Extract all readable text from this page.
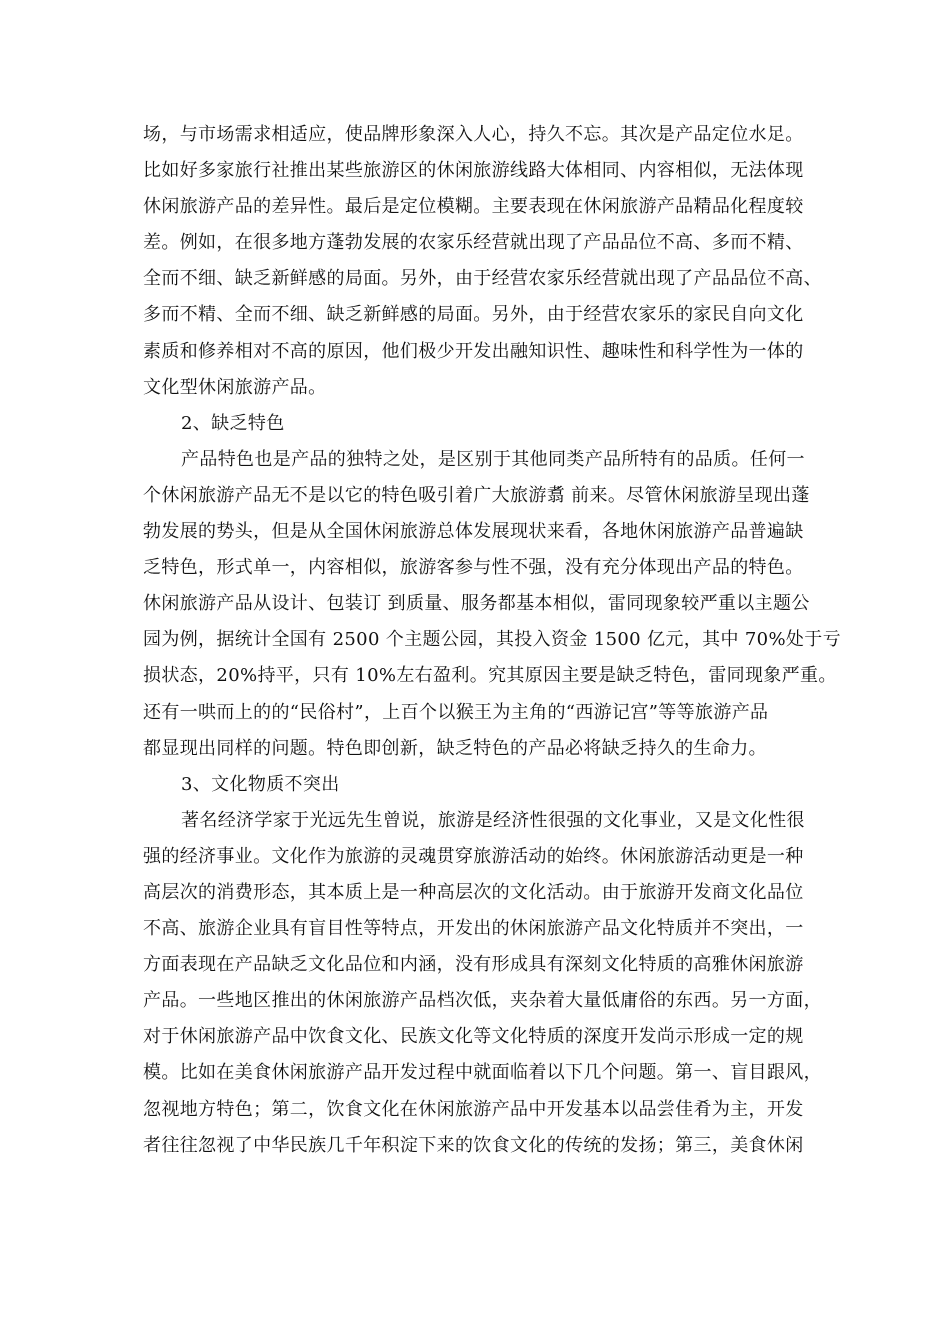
场，与市场需求相适应，使品牌形象深入人心，持久不忘。其次是产品定位水足。
比如好多家旅行社推出某些旅游区的休闲旅游线路大体相同、内容相似，无法体现
休闲旅游产品的差异性。最后是定位模糊。主要表现在休闲旅游产品精品化程度较
差。例如，在很多地方蓬勃发展的农家乐经营就出现了产品品位不高、多而不精、
全而不细、缺乏新鲜感的局面。另外，由于经营农家乐经营就出现了产品品位不高、
多而不精、全而不细、缺乏新鲜感的局面。另外，由于经营农家乐的家民自向文化
素质和修养相对不高的原因，他们极少开发出融知识性、趣味性和科学性为一体的
文化型休闲旅游产品。
2、缺乏特色
产品特色也是产品的独特之处，是区别于其他同类产品所特有的品质。任何一
个休闲旅游产品无不是以它的特色吸引着广大旅游翥 前来。尽管休闲旅游呈现出蓬
勃发展的势头，但是从全国休闲旅游总体发展现状来看，各地休闲旅游产品普遍缺
乏特色，形式单一，内容相似，旅游客参与性不强，没有充分体现出产品的特色。
休闲旅游产品从设计、包装订 到质量、服务都基本相似，雷同现象较严重以主题公
园为例，据统计全国有 2500 个主题公园，其投入资金 1500 亿元，其中 70%处于亏
损状态，20%持平，只有 10%左右盈利。究其原因主要是缺乏特色，雷同现象严重。
还有一哄而上的的“民俗村”，上百个以猴王为主角的“西游记宫”等等旅游产品
都显现出同样的问题。特色即创新，缺乏特色的产品必将缺乏持久的生命力。
3、文化物质不突出
著名经济学家于光远先生曾说，旅游是经济性很强的文化事业，又是文化性很
强的经济事业。文化作为旅游的灵魂贯穿旅游活动的始终。休闲旅游活动更是一种
高层次的消费形态，其本质上是一种高层次的文化活动。由于旅游开发商文化品位
不高、旅游企业具有盲目性等特点，开发出的休闲旅游产品文化特质并不突出，一
方面表现在产品缺乏文化品位和内涵，没有形成具有深刻文化特质的高雅休闲旅游
产品。一些地区推出的休闲旅游产品档次低，夹杂着大量低庸俗的东西。另一方面，
对于休闲旅游产品中饮食文化、民族文化等文化特质的深度开发尚示形成一定的规
模。比如在美食休闲旅游产品开发过程中就面临着以下几个问题。第一、盲目跟风，
忽视地方特色；第二，饮食文化在休闲旅游产品中开发基本以品尝佳肴为主，开发
者往往忽视了中华民族几千年积淀下来的饮食文化的传统的发扬；第三，美食休闲
